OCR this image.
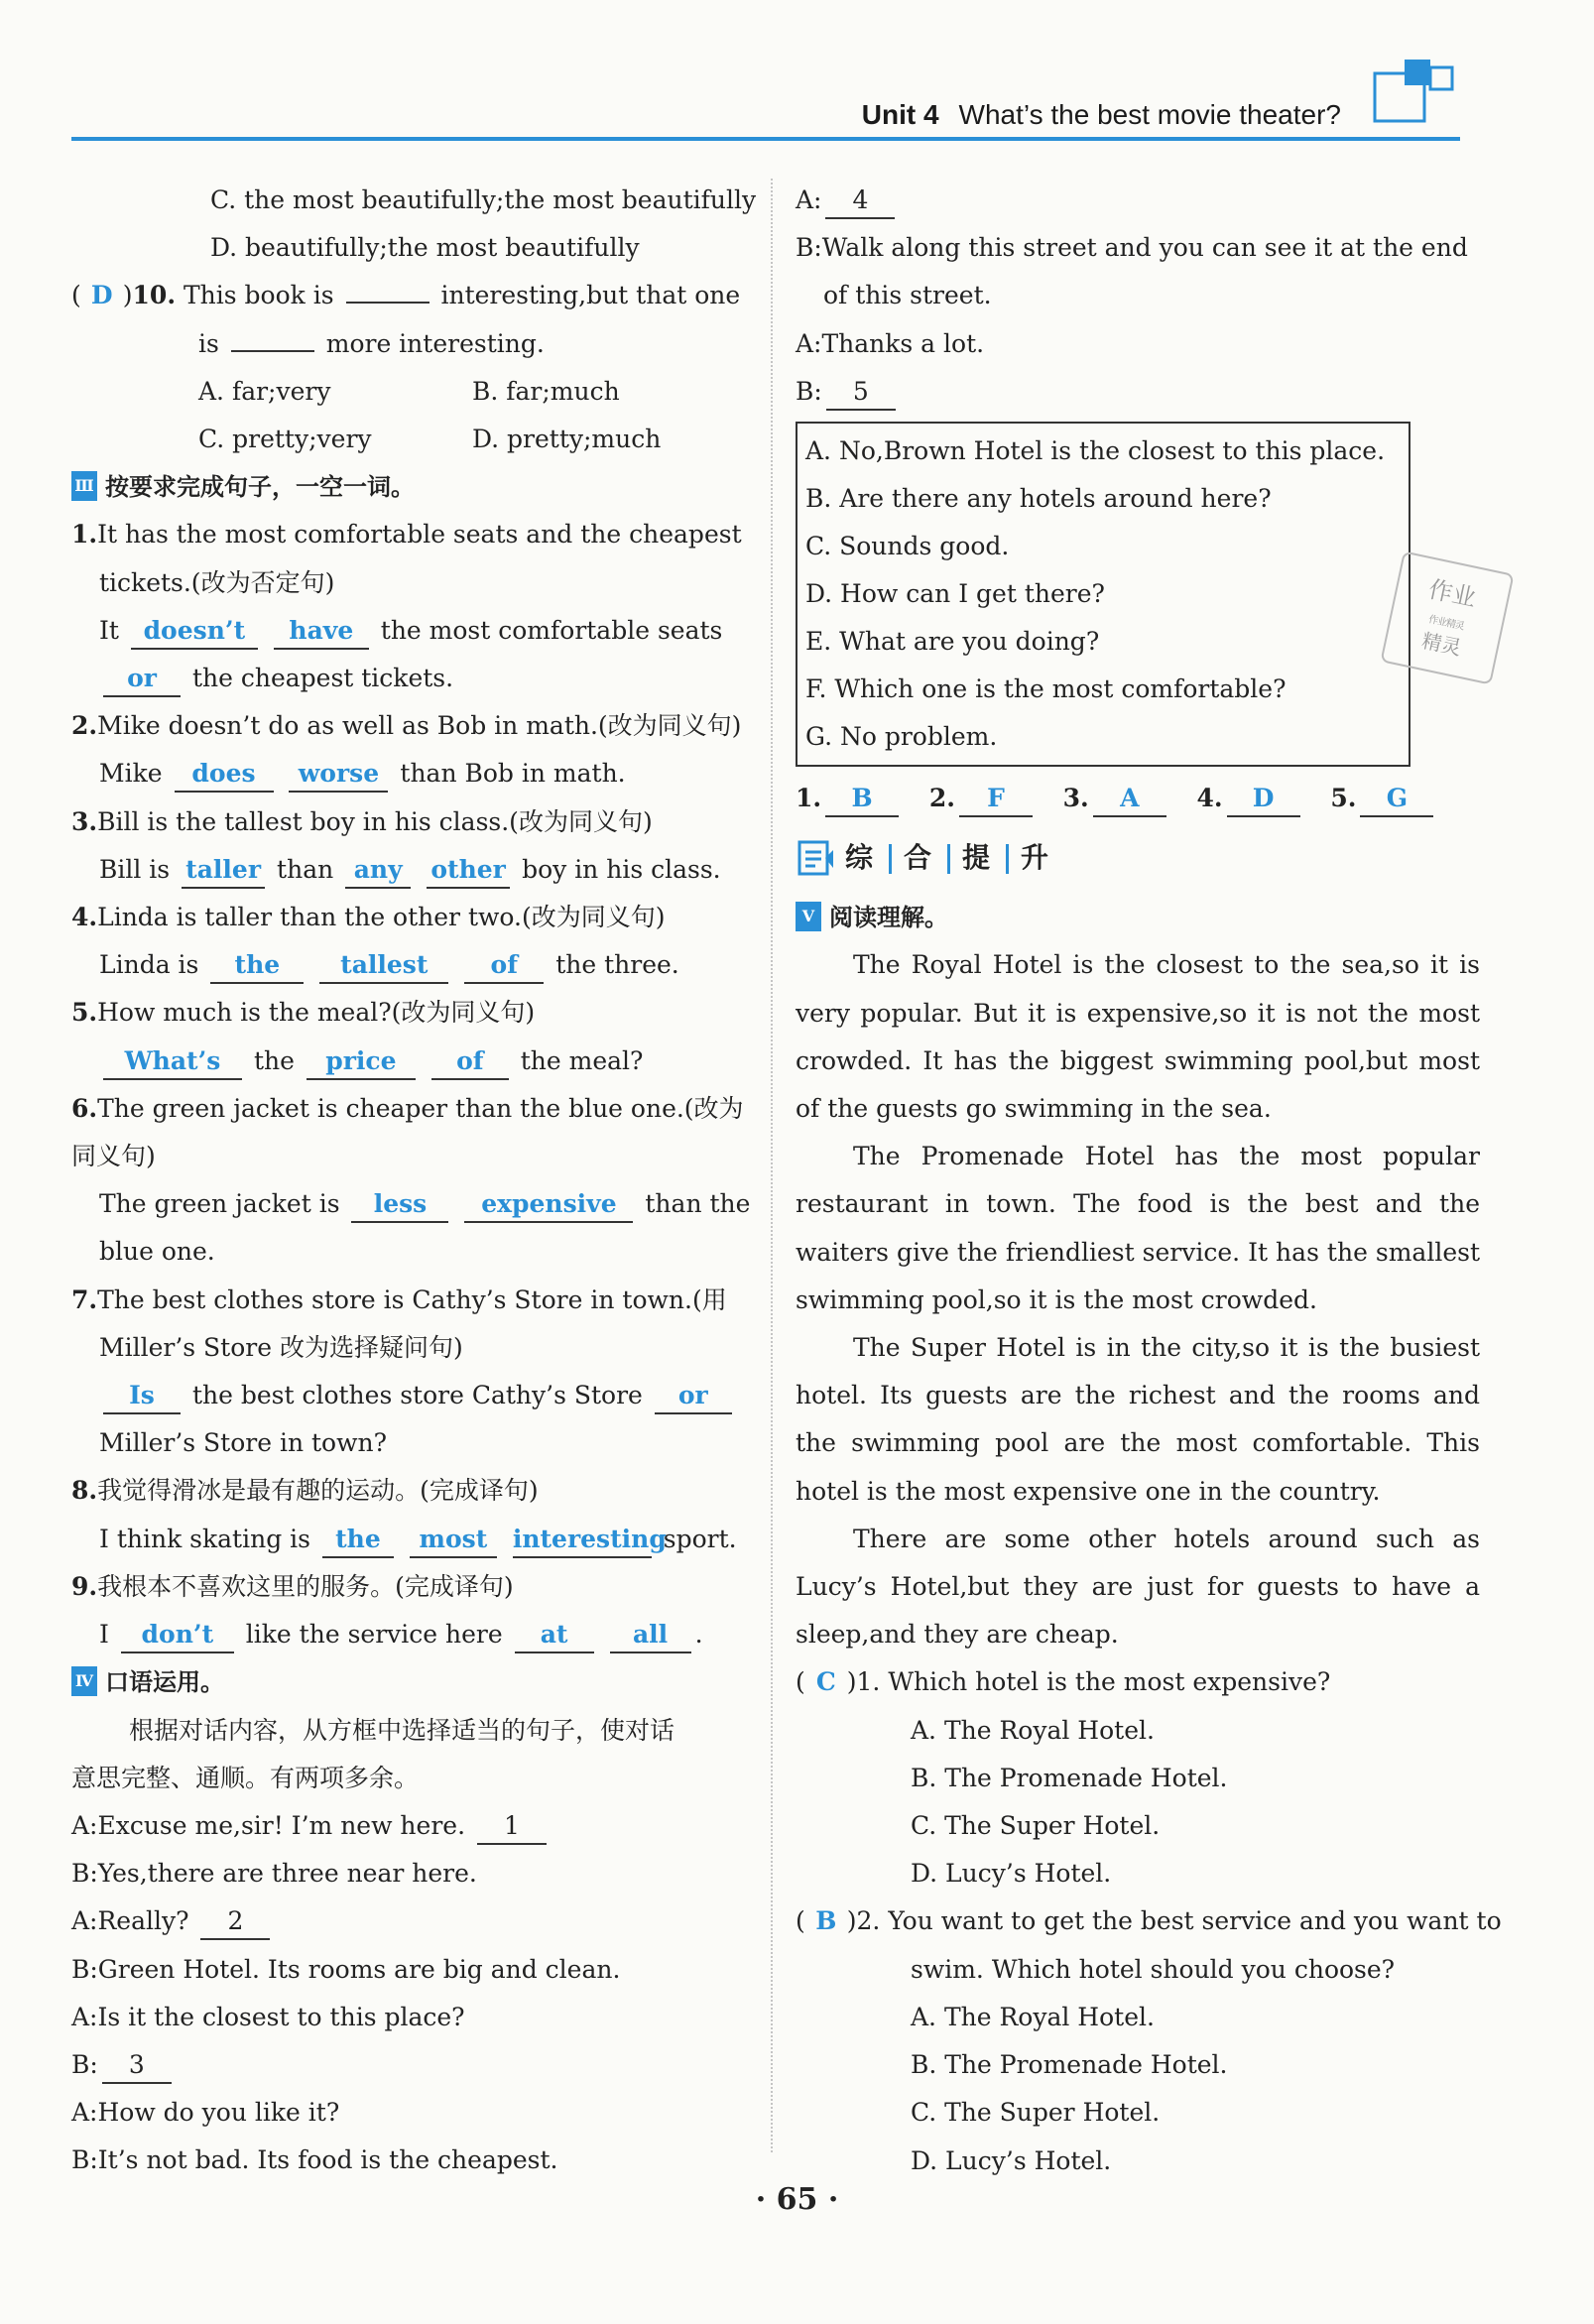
Unit 4 What’s the best movie theater?
C. the most beautifully;the most beautifully
D. beautifully;the most beautifully
( D )10. This book is	interesting,but that one
is	more interesting.
A. far;very	B. far;much
C. pretty;very	D. pretty;much
Ⅲ 按要求完成句子，一空一词。
1.It has the most comfortable seats and the cheapest
tickets.(改为否定句)
It doesn’t have the most comfortable seats
or the cheapest tickets.
2.Mike doesn’t do as well as Bob in math.(改为同义句)
Mike does worse than Bob in math.
3.Bill is the tallest boy in his class.(改为同义句)
Bill is taller than any other boy in his class.
4.Linda is taller than the other two.(改为同义句)
Linda is the tallest	of the three.
5.How much is the meal?(改为同义句)
What’s the price of the meal?
6.The green jacket is cheaper than the blue one.(改为
同义句)
The green jacket is less expensive than the
blue one.
7.The best clothes store is Cathy’s Store in town.(用
Miller’s Store 改为选择疑问句)
Is the best clothes store Cathy’s Store or
Miller’s Store in town?
8.我觉得滑冰是最有趣的运动。(完成译句)
I think skating is the most interesting sport.
9.我根本不喜欢这里的服务。(完成译句)
I don’t like the service here at	all .
Ⅳ 口语运用。
根据对话内容，从方框中选择适当的句子，使对话
意思完整、通顺。有两项多余。
A:Excuse me,sir! I’m new here. 1
B:Yes,there are three near here.
A:Really? 2
B:Green Hotel. Its rooms are big and clean.
A:Is it the closest to this place?
B: 3
A:How do you like it?
B:It’s not bad. Its food is the cheapest.
A: 4
B:Walk along this street and you can see it at the end
of this street.
A:Thanks a lot.
B: 5
A. No,Brown Hotel is the closest to this place.
B. Are there any hotels around here?
C. Sounds good.
D. How can I get there?
E. What are you doing?
F. Which one is the most comfortable?
G. No problem.
1. B 2. F 3. A 4. D 5. G
综 合 提 升
Ⅴ 阅读理解。
The Royal Hotel is the closest to the sea,so it is very popular. But it is expensive,so it is not the most crowded. It has the biggest swimming pool,but most of the guests go swimming in the sea.
The Promenade Hotel has the most popular restaurant in town. The food is the best and the waiters give the friendliest service. It has the smallest swimming pool,so it is the most crowded.
The Super Hotel is in the city,so it is the busiest hotel. Its guests are the richest and the rooms and the swimming pool are the most comfortable. This hotel is the most expensive one in the country.
There are some other hotels around such as Lucy’s Hotel,but they are just for guests to have a sleep,and they are cheap.
( C )1. Which hotel is the most expensive?
A. The Royal Hotel.
B. The Promenade Hotel.
C. The Super Hotel.
D. Lucy’s Hotel.
( B )2. You want to get the best service and you want to
swim. Which hotel should you choose?
A. The Royal Hotel.
B. The Promenade Hotel.
C. The Super Hotel.
D. Lucy’s Hotel.
作业
作业精灵
精灵
· 65 ·
